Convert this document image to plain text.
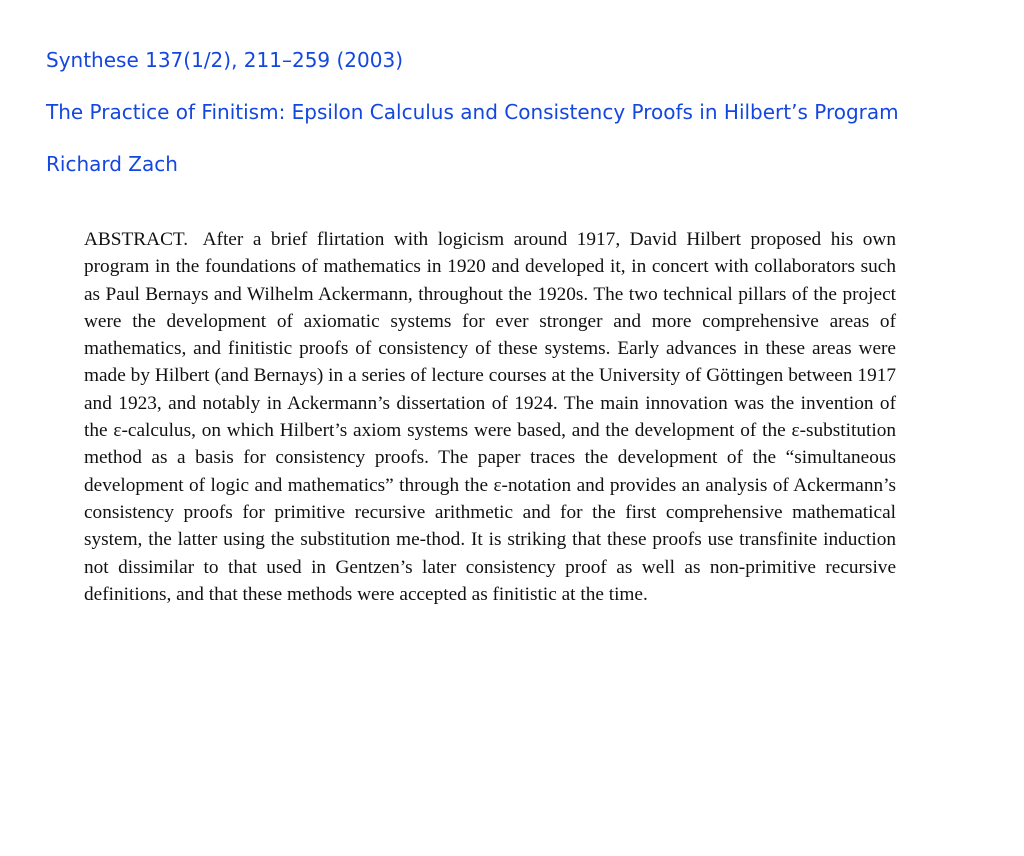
Synthese 137(1/2), 211–259 (2003)
The Practice of Finitism: Epsilon Calculus and Consistency Proofs in Hilbert’s Program
Richard Zach

ABSTRACT. After a brief flirtation with logicism around 1917, David Hilbert proposed his own program in the foundations of mathematics in 1920 and developed it, in concert with collaborators such as Paul Bernays and Wilhelm Ackermann, throughout the 1920s. The two technical pillars of the project were the development of axiomatic systems for ever stronger and more comprehensive areas of mathematics, and finitistic proofs of consistency of these systems. Early advances in these areas were made by Hilbert (and Bernays) in a series of lecture courses at the University of Göttingen between 1917 and 1923, and notably in Ackermann’s dissertation of 1924. The main innovation was the invention of the ε-calculus, on which Hilbert’s axiom systems were based, and the development of the ε-substitution method as a basis for consistency proofs. The paper traces the development of the “simultaneous development of logic and mathematics” through the ε-notation and provides an analysis of Ackermann’s consistency proofs for primitive recursive arithmetic and for the first comprehensive mathematical system, the latter using the substitution me-thod. It is striking that these proofs use transfinite induction not dissimilar to that used in Gentzen’s later consistency proof as well as non-primitive recursive definitions, and that these methods were accepted as finitistic at the time.
